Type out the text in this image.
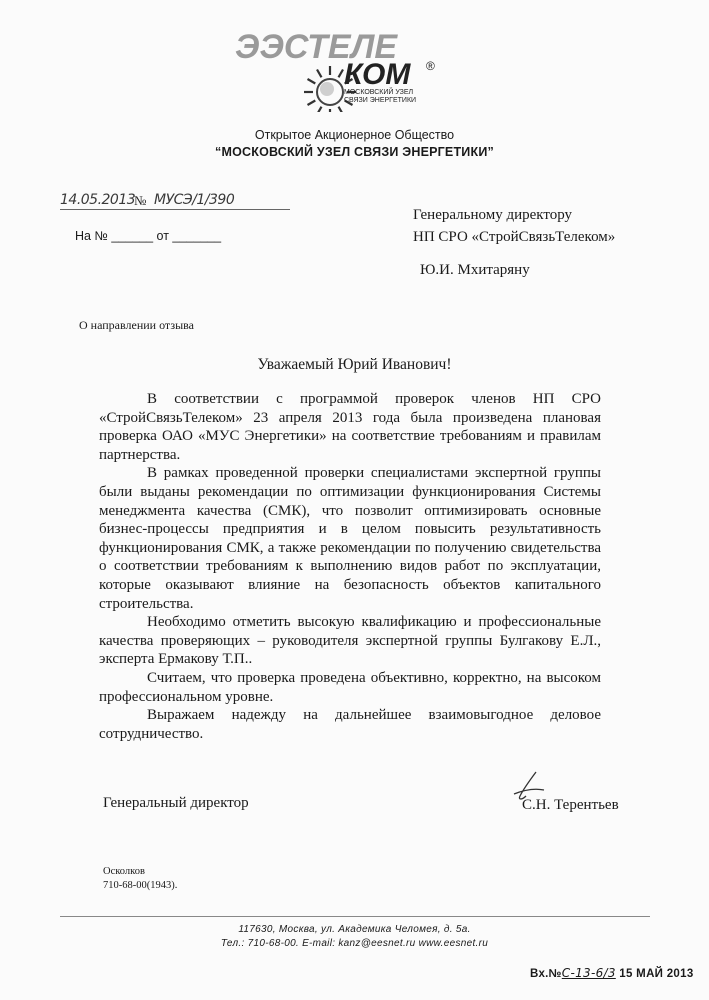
ЭЭСТЕЛЕ
КОМ ®
МОСКОВСКИЙ УЗЕЛ
СВЯЗИ ЭНЕРГЕТИКИ
Открытое Акционерное Общество
“МОСКОВСКИЙ УЗЕЛ СВЯЗИ ЭНЕРГЕТИКИ”
14.05.2013
№ МУСЭ/1/390
На № ______ от _______
Генеральному директору
НП СРО «СтройСвязьТелеком»
Ю.И. Мхитаряну
О направлении отзыва
Уважаемый Юрий Иванович!

В соответствии с программой проверок членов НП СРО «СтройСвязьТелеком» 23 апреля 2013 года была произведена плановая проверка ОАО «МУС Энергетики» на соответствие требованиям и правилам партнерства.

В рамках проведенной проверки специалистами экспертной группы были выданы рекомендации по оптимизации функционирования Системы менеджмента качества (СМК), что позволит оптимизировать основные бизнес-процессы предприятия и в целом повысить результативность функционирования СМК, а также рекомендации по получению свидетельства о соответствии требованиям к выполнению видов работ по эксплуатации, которые оказывают влияние на безопасность объектов капитального строительства.

Необходимо отметить высокую квалификацию и профессиональные качества проверяющих – руководителя экспертной группы Булгакову Е.Л., эксперта Ермакову Т.П..

Считаем, что проверка проведена объективно, корректно, на высоком профессиональном уровне.

Выражаем надежду на дальнейшее взаимовыгодное деловое сотрудничество.

Генеральный директор	С.Н. Терентьев
Осколков
710-68-00(1943).
117630, Москва, ул. Академика Челомея, д. 5а.
Тел.: 710-68-00. E-mail: kanz@eesnet.ru www.eesnet.ru
Вх.№С-13-6/3 15 МАЙ 2013
